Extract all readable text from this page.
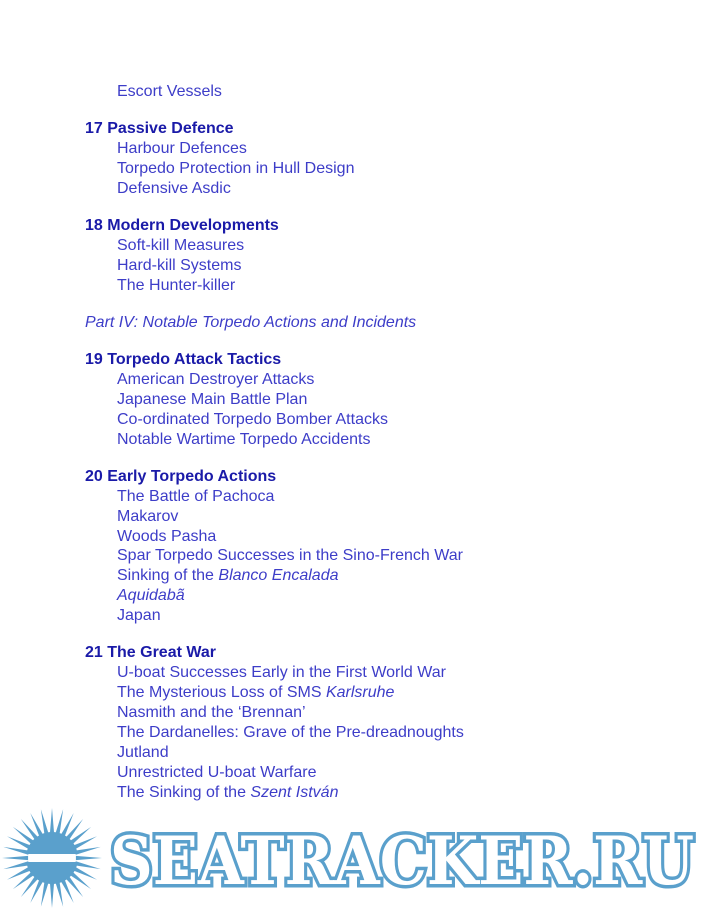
Escort Vessels
17 Passive Defence
Harbour Defences
Torpedo Protection in Hull Design
Defensive Asdic
18 Modern Developments
Soft-kill Measures
Hard-kill Systems
The Hunter-killer
Part IV: Notable Torpedo Actions and Incidents
19 Torpedo Attack Tactics
American Destroyer Attacks
Japanese Main Battle Plan
Co-ordinated Torpedo Bomber Attacks
Notable Wartime Torpedo Accidents
20 Early Torpedo Actions
The Battle of Pachoca
Makarov
Woods Pasha
Spar Torpedo Successes in the Sino-French War
Sinking of the Blanco Encalada
Aquidabã
Japan
21 The Great War
U-boat Successes Early in the First World War
The Mysterious Loss of SMS Karlsruhe
Nasmith and the ‘Brennan’
The Dardanelles: Grave of the Pre-dreadnoughts
Jutland
Unrestricted U-boat Warfare
The Sinking of the Szent István
SEATRACKER.RU
